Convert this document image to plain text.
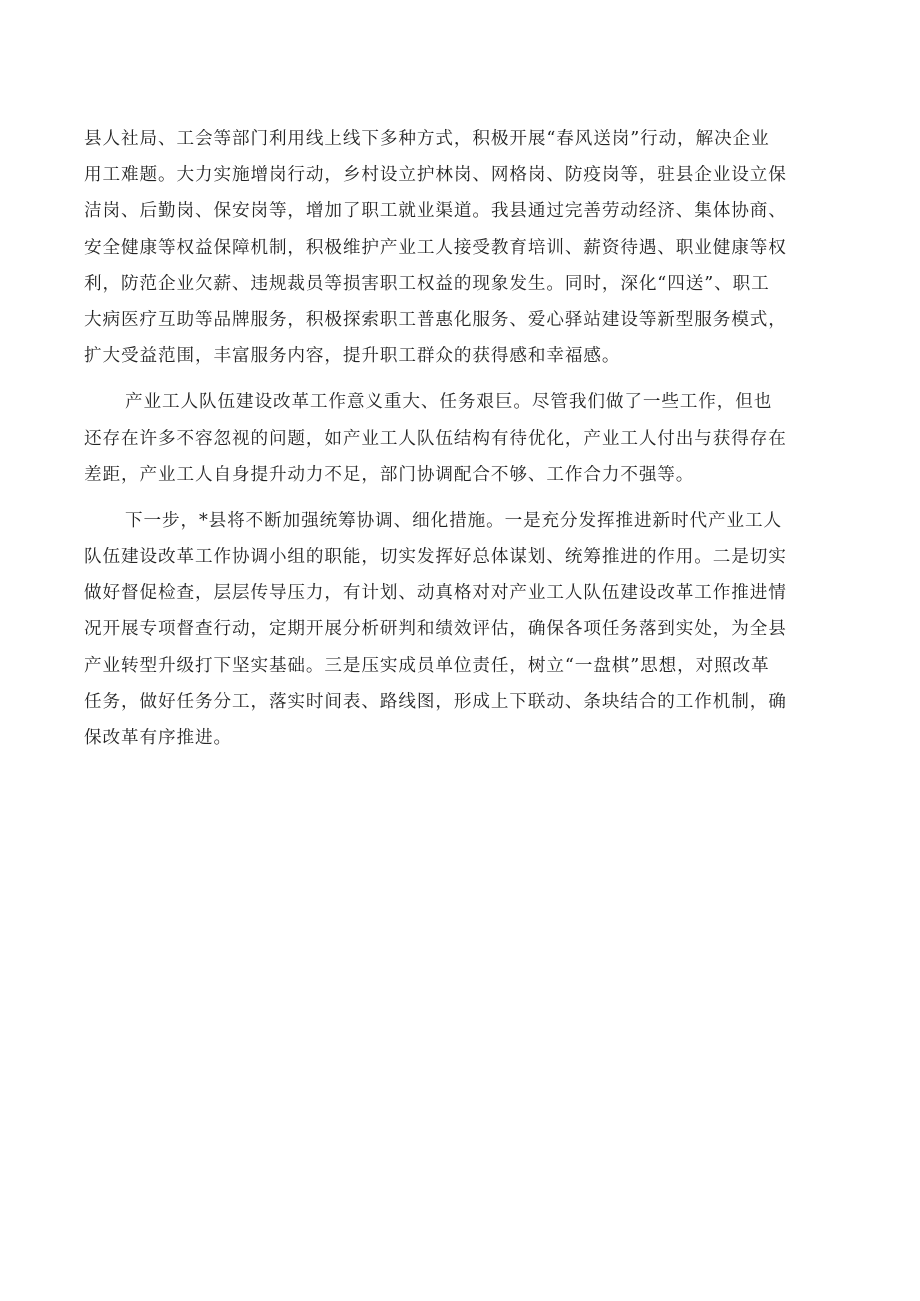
县人社局、工会等部门利用线上线下多种方式，积极开展“春风送岗”行动，解决企业
用工难题。大力实施增岗行动，乡村设立护林岗、网格岗、防疫岗等，驻县企业设立保
洁岗、后勤岗、保安岗等，增加了职工就业渠道。我县通过完善劳动经济、集体协商、
安全健康等权益保障机制，积极维护产业工人接受教育培训、薪资待遇、职业健康等权
利，防范企业欠薪、违规裁员等损害职工权益的现象发生。同时，深化“四送”、职工
大病医疗互助等品牌服务，积极探索职工普惠化服务、爱心驿站建设等新型服务模式，
扩大受益范围，丰富服务内容，提升职工群众的获得感和幸福感。
产业工人队伍建设改革工作意义重大、任务艰巨。尽管我们做了一些工作，但也
还存在许多不容忽视的问题，如产业工人队伍结构有待优化，产业工人付出与获得存在
差距，产业工人自身提升动力不足，部门协调配合不够、工作合力不强等。
下一步，*县将不断加强统筹协调、细化措施。一是充分发挥推进新时代产业工人
队伍建设改革工作协调小组的职能，切实发挥好总体谋划、统筹推进的作用。二是切实
做好督促检查，层层传导压力，有计划、动真格对对产业工人队伍建设改革工作推进情
况开展专项督查行动，定期开展分析研判和绩效评估，确保各项任务落到实处，为全县
产业转型升级打下坚实基础。三是压实成员单位责任，树立“一盘棋”思想，对照改革
任务，做好任务分工，落实时间表、路线图，形成上下联动、条块结合的工作机制，确
保改革有序推进。
